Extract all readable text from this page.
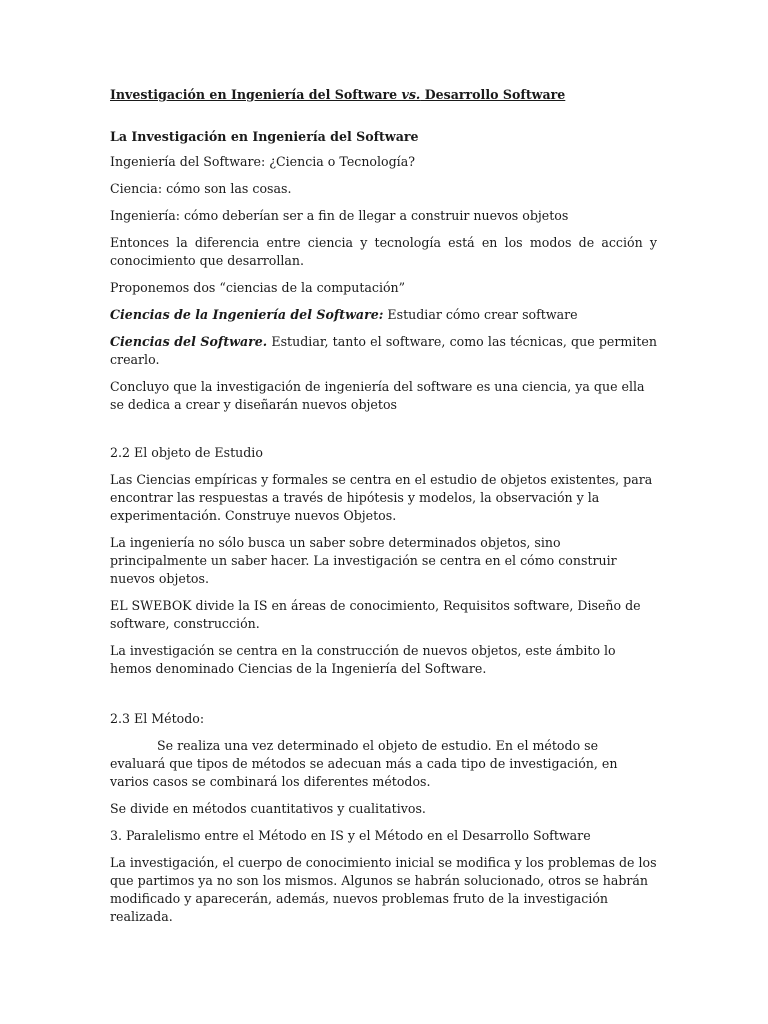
Investigación en Ingeniería del Software vs. Desarrollo Software
La Investigación en Ingeniería del Software

Ingeniería del Software: ¿Ciencia o Tecnología?

Ciencia: cómo son las cosas.

Ingeniería: cómo deberían ser a fin de llegar a construir nuevos objetos

Entonces la diferencia entre ciencia y tecnología está en los modos de acción y conocimiento que desarrollan.

Proponemos dos “ciencias de la computación”

Ciencias de la Ingeniería del Software: Estudiar cómo crear software

Ciencias del Software. Estudiar, tanto el software, como las técnicas, que permiten crearlo.

Concluyo que la investigación de ingeniería del software es una ciencia, ya que ella se dedica a crear y diseñarán nuevos objetos

2.2 El objeto de Estudio

Las Ciencias empíricas y formales se centra en el estudio de objetos existentes, para encontrar las respuestas a través de hipótesis y modelos, la observación y la experimentación. Construye nuevos Objetos.

La ingeniería no sólo busca un saber sobre determinados objetos, sino principalmente un saber hacer. La investigación se centra en el cómo construir nuevos objetos.

EL SWEBOK divide la IS en áreas de conocimiento, Requisitos software, Diseño de software, construcción.

La investigación se centra en la construcción de nuevos objetos, este ámbito lo hemos denominado Ciencias de la Ingeniería del Software.

2.3 El Método:

Se realiza una vez determinado el objeto de estudio. En el método se evaluará que tipos de métodos se adecuan más a cada tipo de investigación, en varios casos se combinará los diferentes métodos.

Se divide en métodos cuantitativos y cualitativos.

3. Paralelismo entre el Método en IS y el Método en el Desarrollo Software

La investigación, el cuerpo de conocimiento inicial se modifica y los problemas de los que partimos ya no son los mismos. Algunos se habrán solucionado, otros se habrán modificado y aparecerán, además, nuevos problemas fruto de la investigación realizada.
